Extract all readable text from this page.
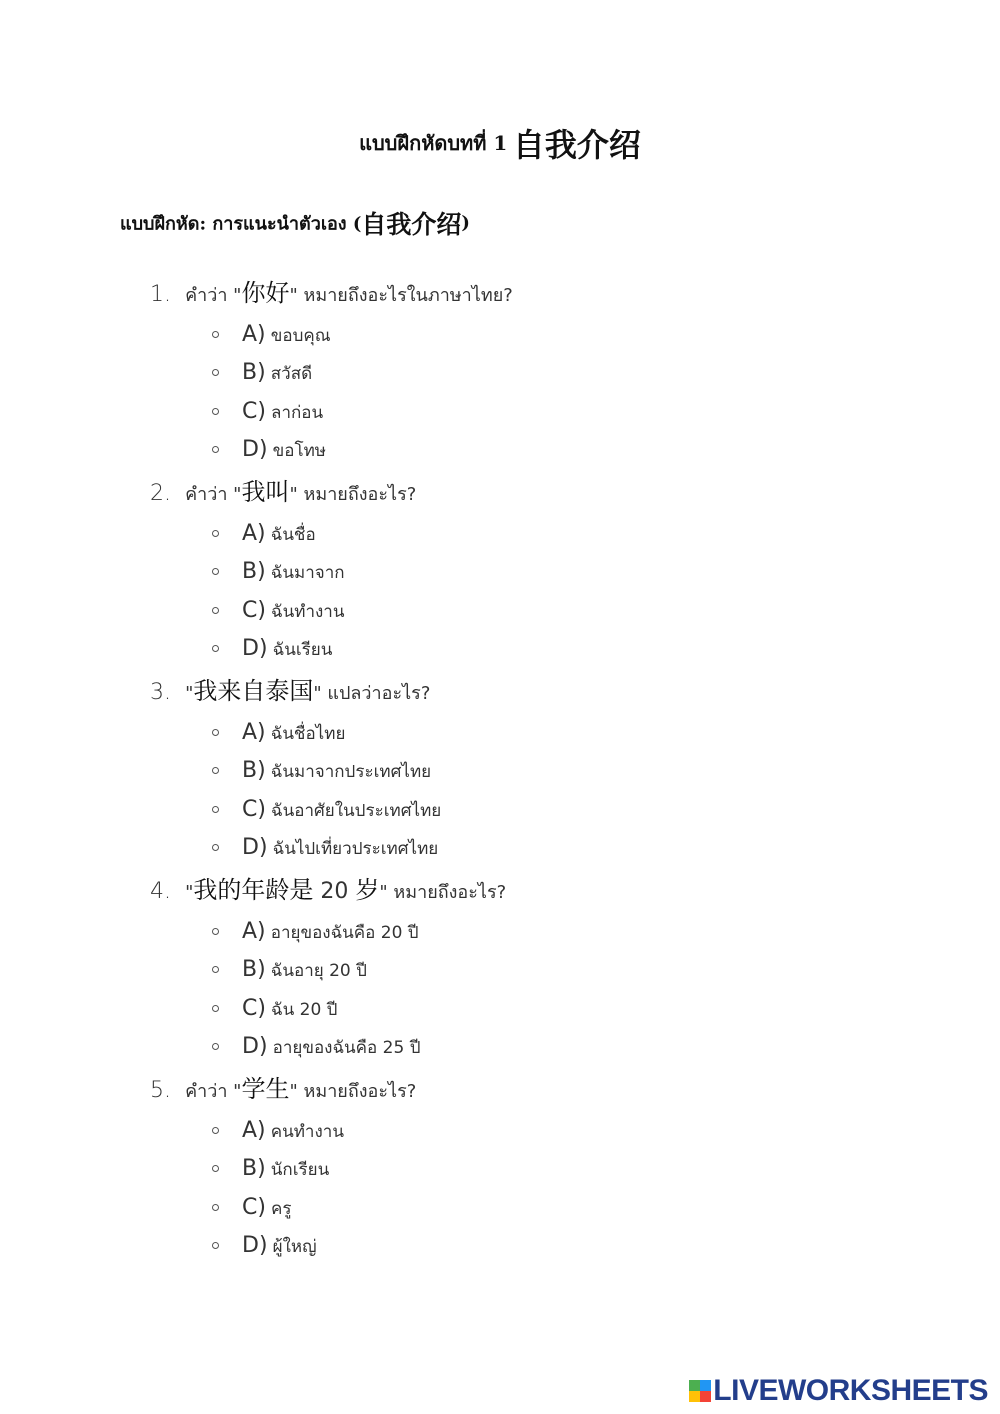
แบบฝึกหัดบทที่ 1 自我介绍
แบบฝึกหัด: การแนะนำตัวเอง (自我介绍)
1. คำว่า "你好" หมายถึงอะไรในภาษาไทย?
A) ขอบคุณ
B) สวัสดี
C) ลาก่อน
D) ขอโทษ
2. คำว่า "我叫" หมายถึงอะไร?
A) ฉันชื่อ
B) ฉันมาจาก
C) ฉันทำงาน
D) ฉันเรียน
3. "我来自泰国" แปลว่าอะไร?
A) ฉันชื่อไทย
B) ฉันมาจากประเทศไทย
C) ฉันอาศัยในประเทศไทย
D) ฉันไปเที่ยวประเทศไทย
4. "我的年龄是 20 岁" หมายถึงอะไร?
A) อายุของฉันคือ 20 ปี
B) ฉันอายุ 20 ปี
C) ฉัน 20 ปี
D) อายุของฉันคือ 25 ปี
5. คำว่า "学生" หมายถึงอะไร?
A) คนทำงาน
B) นักเรียน
C) ครู
D) ผู้ใหญ่
LIVEWORKSHEETS
